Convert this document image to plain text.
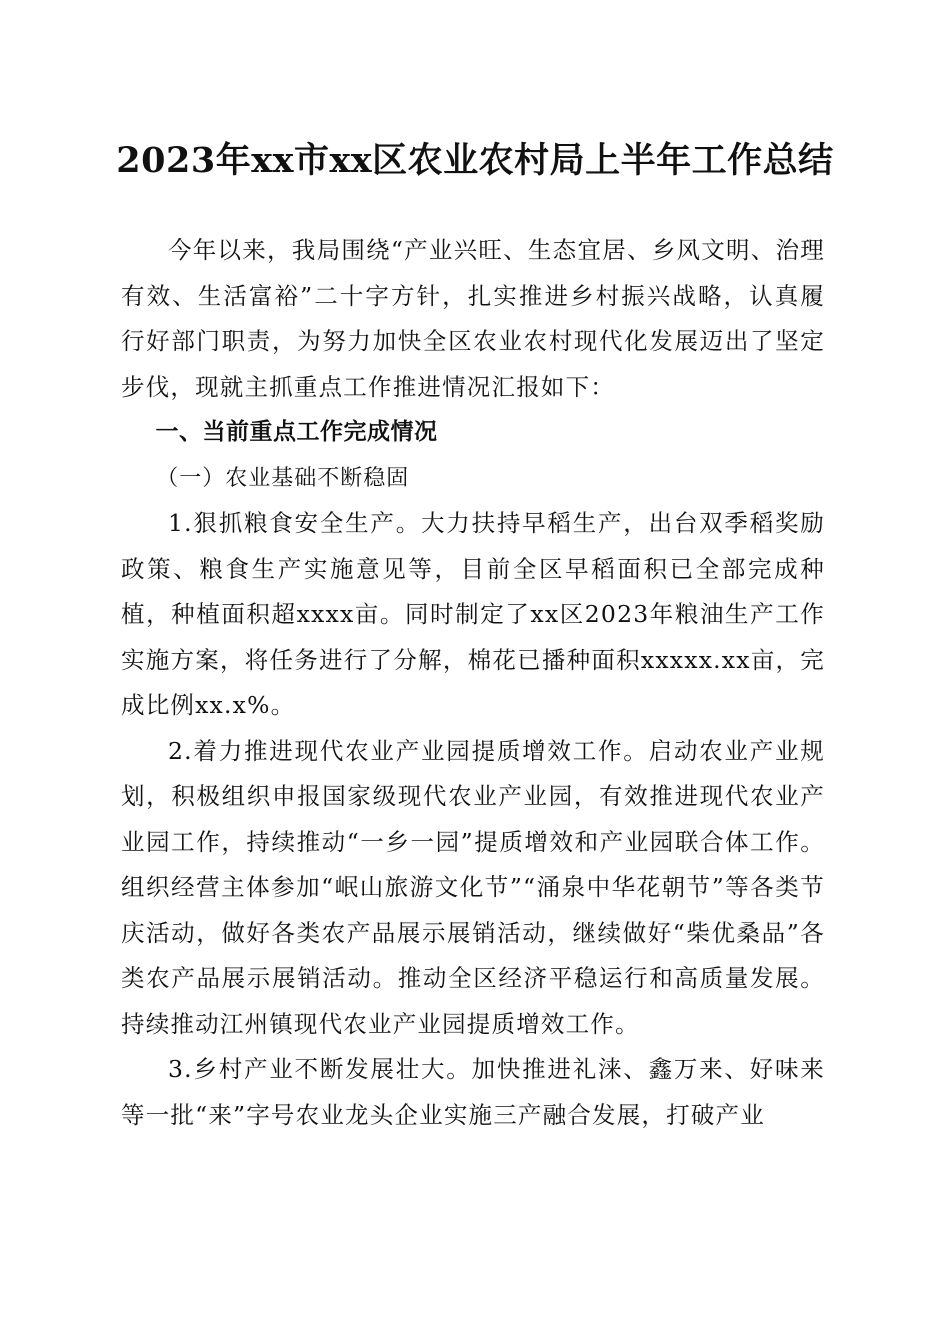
2023年xx市xx区农业农村局上半年工作总结

今年以来，我局围绕“产业兴旺、生态宜居、乡风文明、治理有效、生活富裕”二十字方针，扎实推进乡村振兴战略，认真履行好部门职责，为努力加快全区农业农村现代化发展迈出了坚定步伐，现就主抓重点工作推进情况汇报如下：

一、当前重点工作完成情况

（一）农业基础不断稳固

1.狠抓粮食安全生产。大力扶持早稻生产，出台双季稻奖励政策、粮食生产实施意见等，目前全区早稻面积已全部完成种植，种植面积超xxxx亩。同时制定了xx区2023年粮油生产工作实施方案，将任务进行了分解，棉花已播种面积xxxxx.xx亩，完成比例xx.x%。

2.着力推进现代农业产业园提质增效工作。启动农业产业规划，积极组织申报国家级现代农业产业园，有效推进现代农业产业园工作，持续推动“一乡一园”提质增效和产业园联合体工作。组织经营主体参加“岷山旅游文化节”“涌泉中华花朝节”等各类节庆活动，做好各类农产品展示展销活动，继续做好“柴优桑品”各类农产品展示展销活动。推动全区经济平稳运行和高质量发展。持续推动江州镇现代农业产业园提质增效工作。

3.乡村产业不断发展壮大。加快推进礼涞、鑫万来、好味来等一批“来”字号农业龙头企业实施三产融合发展，打破产业
